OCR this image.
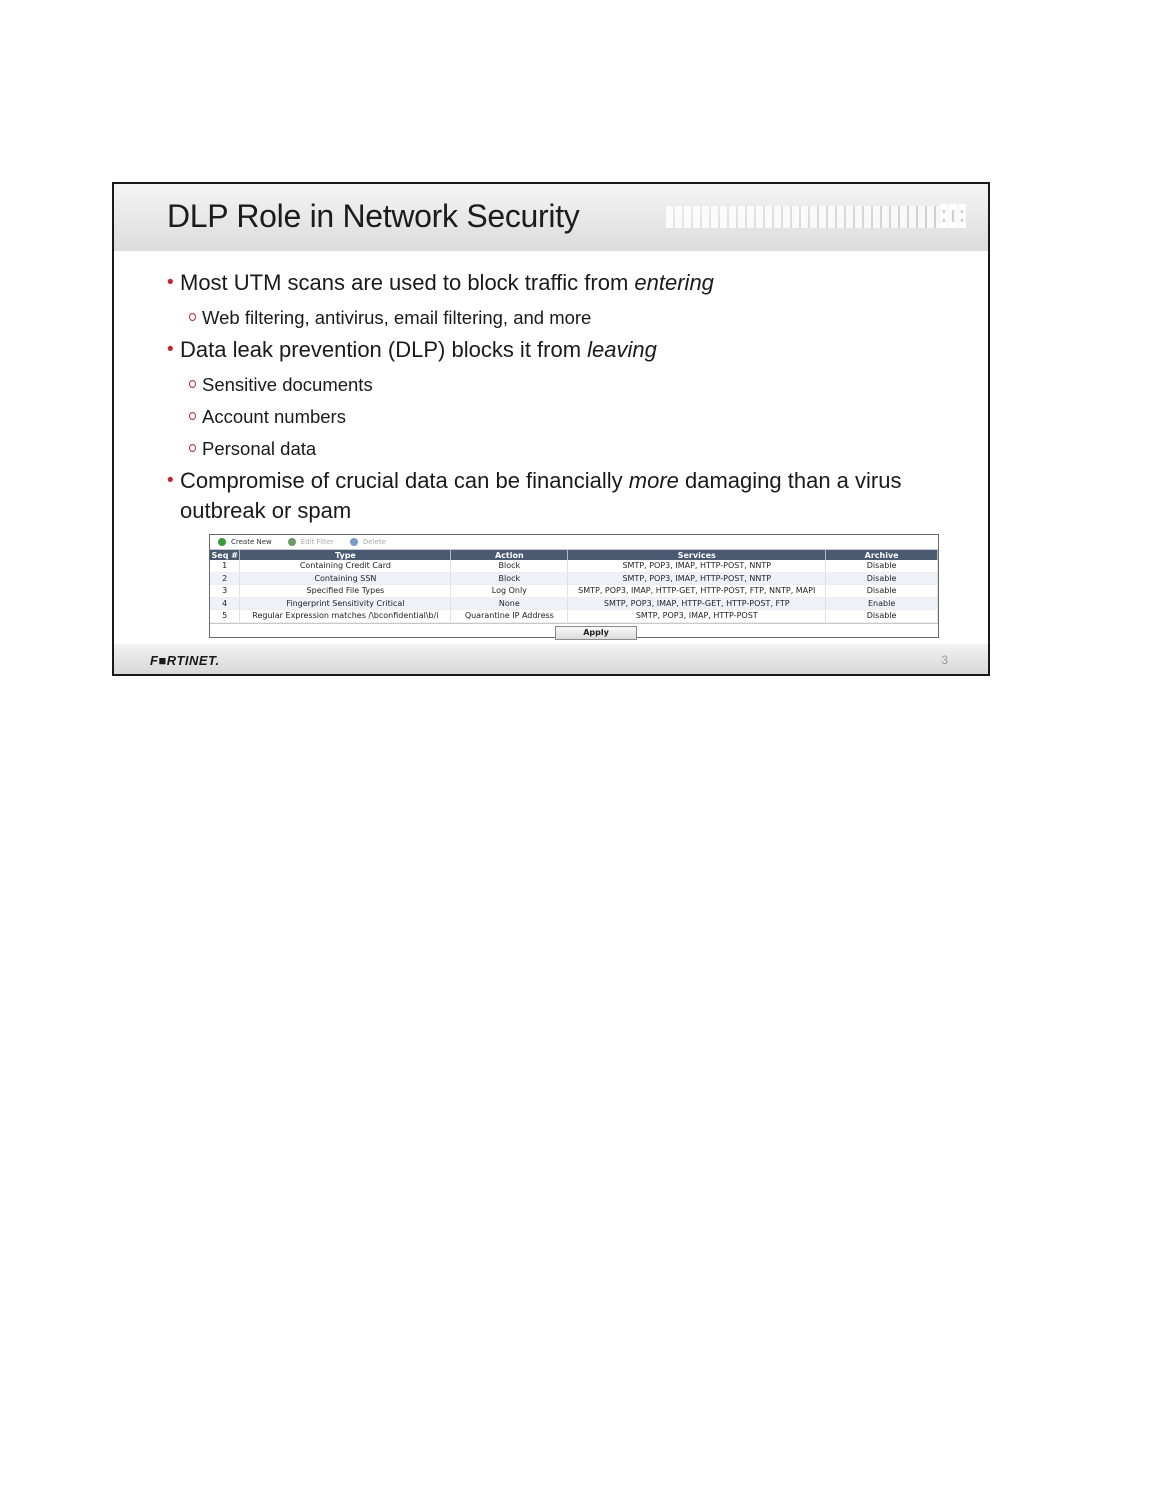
DLP Role in Network Security
• Most UTM scans are used to block traffic from entering
Web filtering, antivirus, email filtering, and more
• Data leak prevention (DLP) blocks it from leaving
Sensitive documents
Account numbers
Personal data
• Compromise of crucial data can be financially more damaging than a virus outbreak or spam
Create New	Edit Filter	Delete
Seq #	Type	Action	Services	Archive
1	Containing Credit Card	Block	SMTP, POP3, IMAP, HTTP-POST, NNTP	Disable
2	Containing SSN	Block	SMTP, POP3, IMAP, HTTP-POST, NNTP	Disable
3	Specified File Types	Log Only	SMTP, POP3, IMAP, HTTP-GET, HTTP-POST, FTP, NNTP, MAPI	Disable
4	Fingerprint Sensitivity Critical	None	SMTP, POP3, IMAP, HTTP-GET, HTTP-POST, FTP	Enable
5	Regular Expression matches /\bconfidential\b/i	Quarantine IP Address	SMTP, POP3, IMAP, HTTP-POST	Disable
Apply
F■RTINET.	3
